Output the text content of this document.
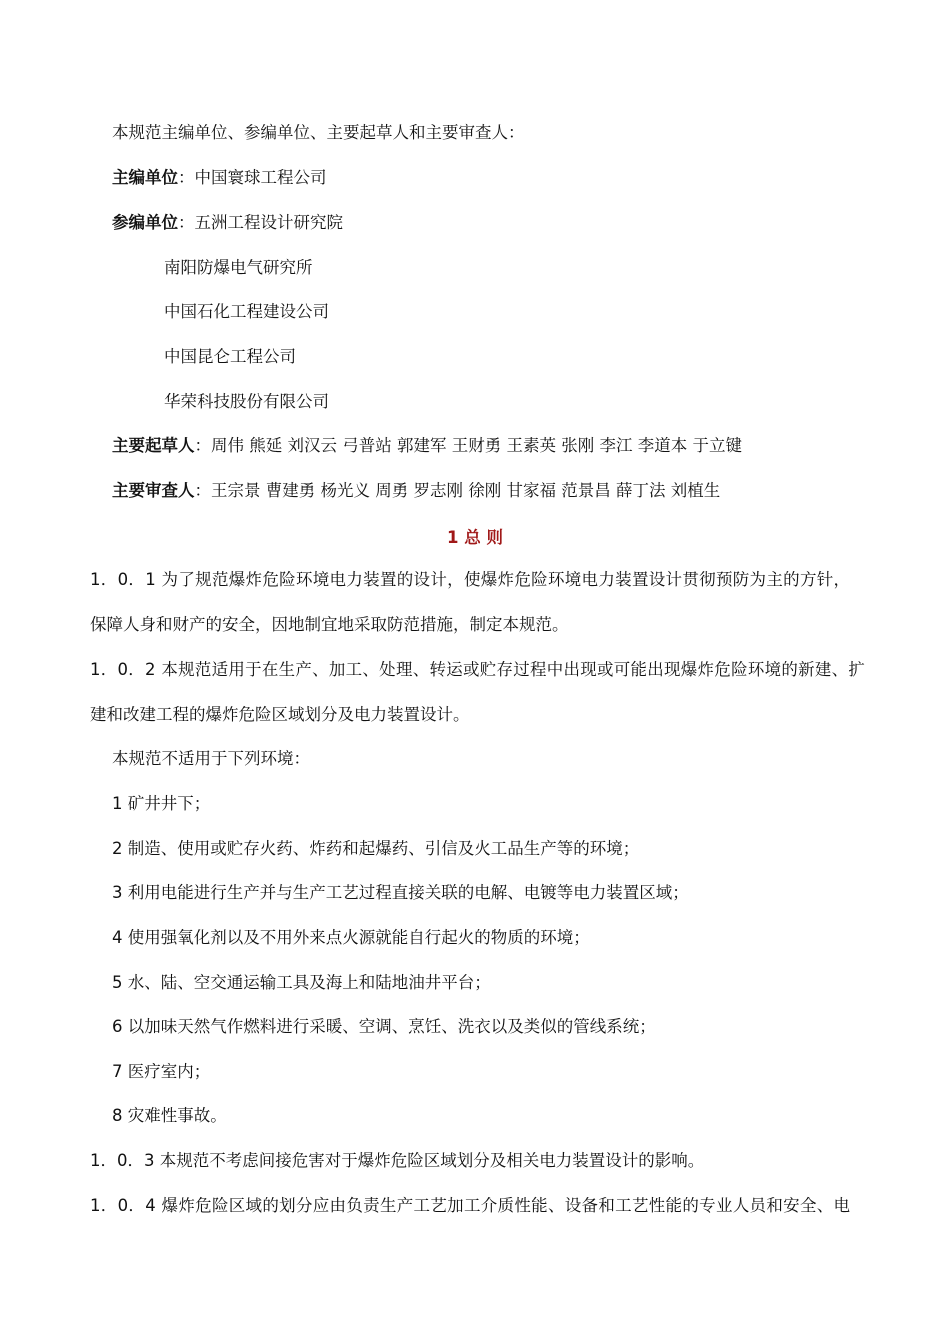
本规范主编单位、参编单位、主要起草人和主要审查人：
主编单位：中国寰球工程公司
参编单位：五洲工程设计研究院
南阳防爆电气研究所
中国石化工程建设公司
中国昆仑工程公司
华荣科技股份有限公司
主要起草人：周伟 熊延 刘汉云 弓普站 郭建军 王财勇 王素英 张刚 李江 李道本 于立键
主要审查人：王宗景 曹建勇 杨光义 周勇 罗志刚 徐刚 甘家福 范景昌 薛丁法 刘植生
1 总 则
1．0．1 为了规范爆炸危险环境电力装置的设计，使爆炸危险环境电力装置设计贯彻预防为主的方针，
保障人身和财产的安全，因地制宜地采取防范措施，制定本规范。
1．0．2 本规范适用于在生产、加工、处理、转运或贮存过程中出现或可能出现爆炸危险环境的新建、扩
建和改建工程的爆炸危险区域划分及电力装置设计。
本规范不适用于下列环境：
1 矿井井下；
2 制造、使用或贮存火药、炸药和起爆药、引信及火工品生产等的环境；
3 利用电能进行生产并与生产工艺过程直接关联的电解、电镀等电力装置区域；
4 使用强氧化剂以及不用外来点火源就能自行起火的物质的环境；
5 水、陆、空交通运输工具及海上和陆地油井平台；
6 以加味天然气作燃料进行采暖、空调、烹饪、洗衣以及类似的管线系统；
7 医疗室内；
8 灾难性事故。
1．0．3 本规范不考虑间接危害对于爆炸危险区域划分及相关电力装置设计的影响。
1．0．4 爆炸危险区域的划分应由负责生产工艺加工介质性能、设备和工艺性能的专业人员和安全、电
